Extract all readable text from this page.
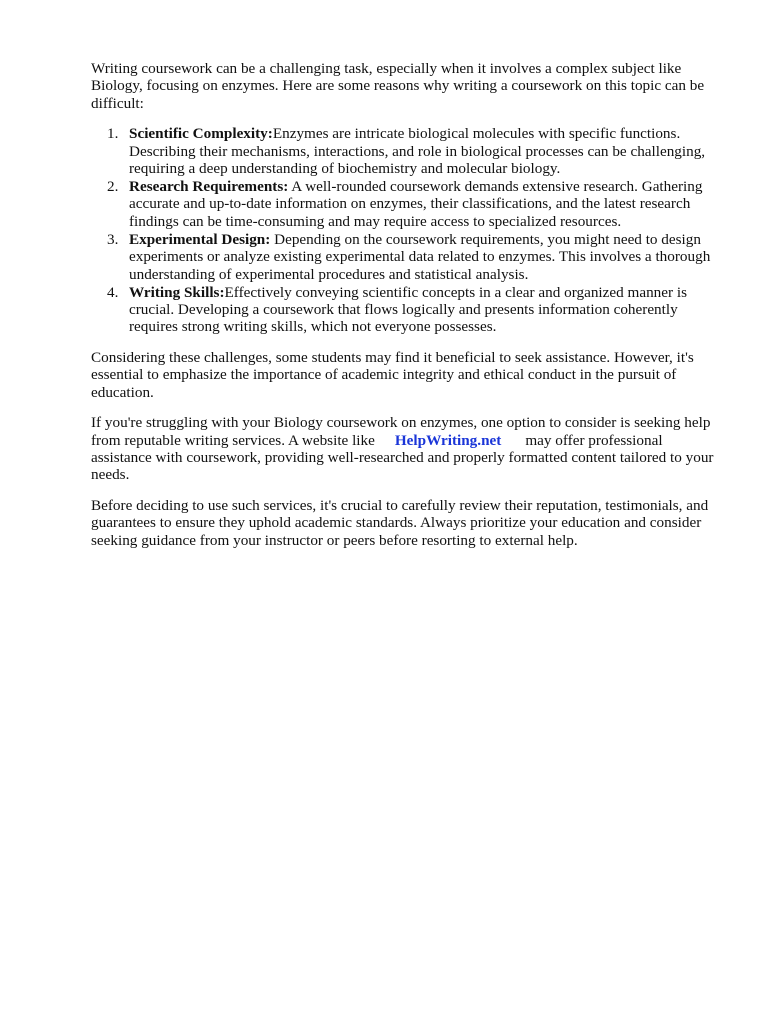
Writing coursework can be a challenging task, especially when it involves a complex subject like Biology, focusing on enzymes. Here are some reasons why writing a coursework on this topic can be difficult:

1. Scientific Complexity:Enzymes are intricate biological molecules with specific functions. Describing their mechanisms, interactions, and role in biological processes can be challenging, requiring a deep understanding of biochemistry and molecular biology.
2. Research Requirements: A well-rounded coursework demands extensive research. Gathering accurate and up-to-date information on enzymes, their classifications, and the latest research findings can be time-consuming and may require access to specialized resources.
3. Experimental Design: Depending on the coursework requirements, you might need to design experiments or analyze existing experimental data related to enzymes. This involves a thorough understanding of experimental procedures and statistical analysis.
4. Writing Skills:Effectively conveying scientific concepts in a clear and organized manner is crucial. Developing a coursework that flows logically and presents information coherently requires strong writing skills, which not everyone possesses.

Considering these challenges, some students may find it beneficial to seek assistance. However, it's essential to emphasize the importance of academic integrity and ethical conduct in the pursuit of education.

If you're struggling with your Biology coursework on enzymes, one option to consider is seeking help from reputable writing services. A website like HelpWriting.net may offer professional assistance with coursework, providing well-researched and properly formatted content tailored to your needs.

Before deciding to use such services, it's crucial to carefully review their reputation, testimonials, and guarantees to ensure they uphold academic standards. Always prioritize your education and consider seeking guidance from your instructor or peers before resorting to external help.
